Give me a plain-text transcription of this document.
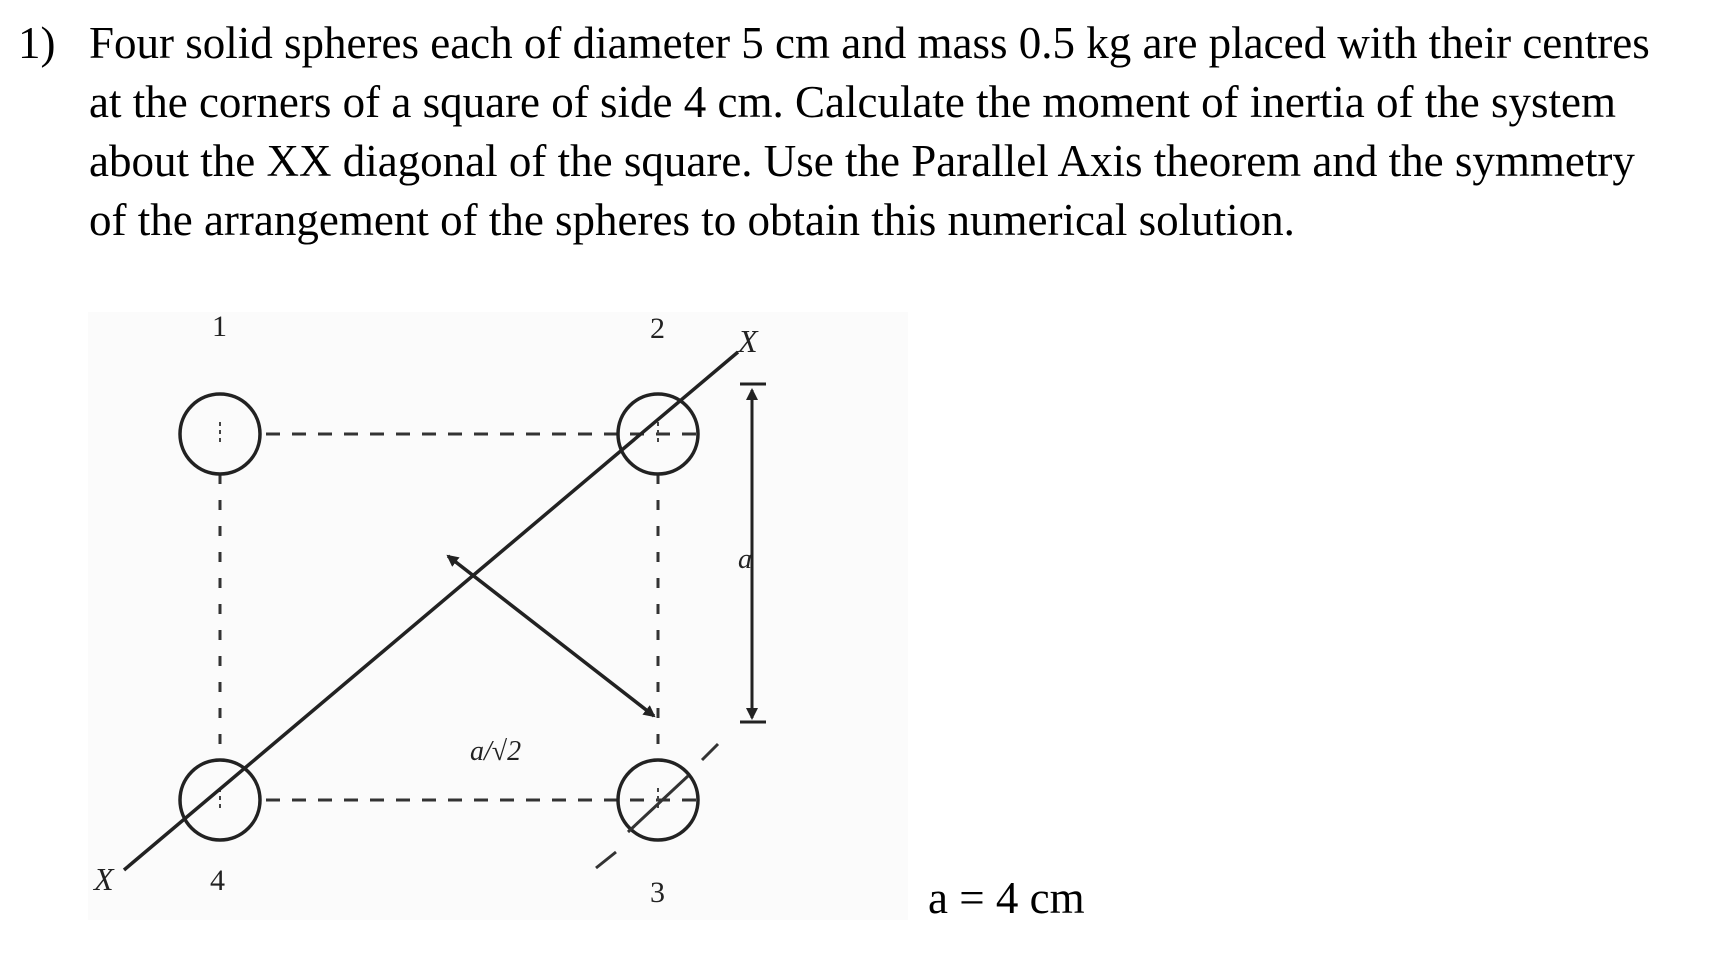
1) Four solid spheres each of diameter 5 cm and mass 0.5 kg are placed with their centres
at the corners of a square of side 4 cm. Calculate the moment of inertia of the system
about the XX diagonal of the square. Use the Parallel Axis theorem and the symmetry
of the arrangement of the spheres to obtain this numerical solution.
1	2
3
4
X
X
a
a/√2
a = 4 cm
